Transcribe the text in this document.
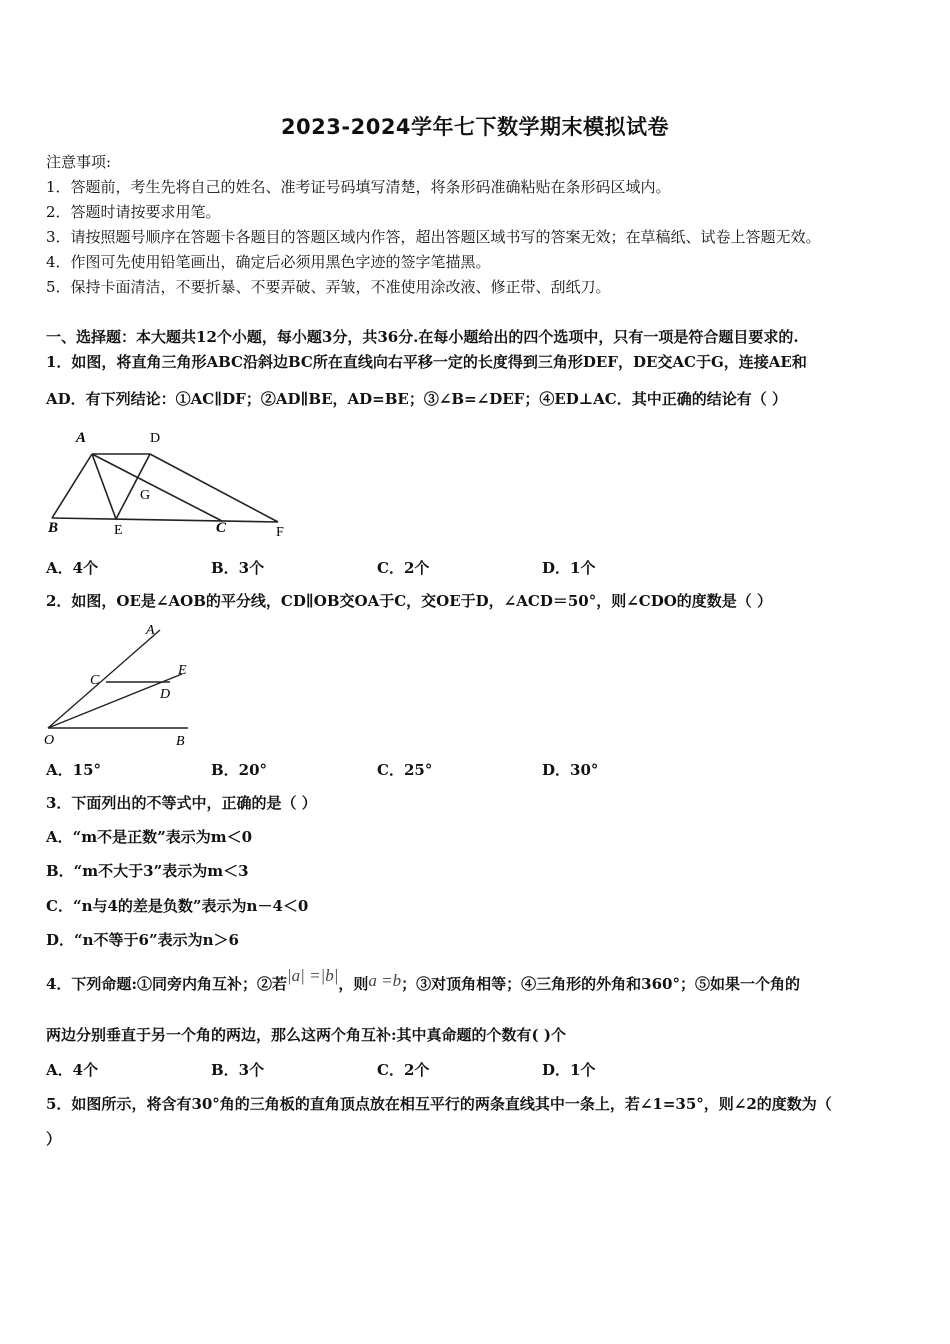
2023-2024学年七下数学期末模拟试卷
注意事项:
1．答题前，考生先将自己的姓名、准考证号码填写清楚，将条形码准确粘贴在条形码区域内。
2．答题时请按要求用笔。
3．请按照题号顺序在答题卡各题目的答题区域内作答，超出答题区域书写的答案无效；在草稿纸、试卷上答题无效。
4．作图可先使用铅笔画出，确定后必须用黑色字迹的签字笔描黑。
5．保持卡面清洁，不要折暴、不要弄破、弄皱，不准使用涂改液、修正带、刮纸刀。
一、选择题：本大题共12个小题，每小题3分，共36分.在每小题给出的四个选项中，只有一项是符合题目要求的.
1．如图，将直角三角形ABC沿斜边BC所在直线向右平移一定的长度得到三角形DEF，DE交AC于G，连接AE和
AD．有下列结论：①AC∥DF；②AD∥BE，AD=BE；③∠B=∠DEF；④ED⊥AC．其中正确的结论有（ ）
A	D
G
B	E	C	F
A．4个	B．3个	C．2个	D．1个
2．如图，OE是∠AOB的平分线，CD∥OB交OA于C，交OE于D，∠ACD＝50°，则∠CDO的度数是（ ）
A
E
C
D
O	B
A．15°	B．20°	C．25°	D．30°
3．下面列出的不等式中，正确的是（ ）
A．“m不是正数”表示为m＜0
B．“m不大于3”表示为m＜3
C．“n与4的差是负数”表示为n－4＜0
D．“n不等于6”表示为n＞6
4．下列命题:①同旁内角互补；②若|a| =|b|，则a =b；③对顶角相等；④三角形的外角和360°；⑤如果一个角的
两边分别垂直于另一个角的两边，那么这两个角互补:其中真命题的个数有( )个
A．4个	B．3个	C．2个	D．1个
5．如图所示，将含有30°角的三角板的直角顶点放在相互平行的两条直线其中一条上，若∠1=35°，则∠2的度数为（
）
